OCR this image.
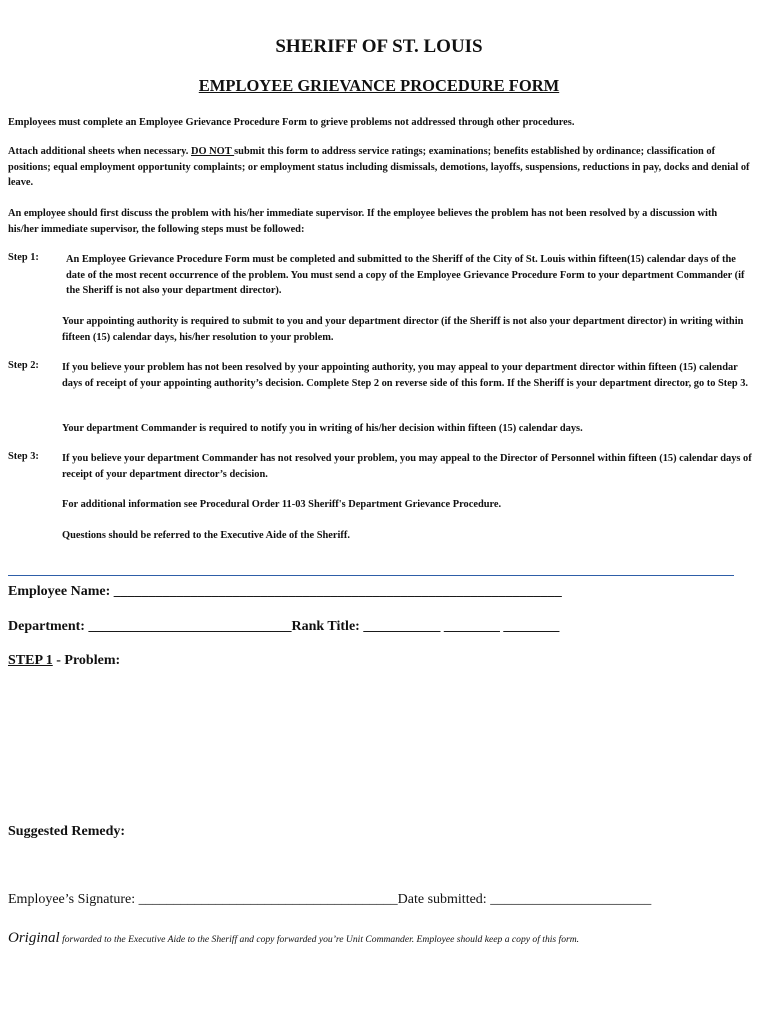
SHERIFF OF ST. LOUIS
EMPLOYEE GRIEVANCE PROCEDURE FORM
Employees must complete an Employee Grievance Procedure Form to grieve problems not addressed through other procedures.
Attach additional sheets when necessary. DO NOT submit this form to address service ratings; examinations; benefits established by ordinance; classification of positions; equal employment opportunity complaints; or employment status including dismissals, demotions, layoffs, suspensions, reductions in pay, docks and denial of leave.
An employee should first discuss the problem with his/her immediate supervisor. If the employee believes the problem has not been resolved by a discussion with his/her immediate supervisor, the following steps must be followed:
Step 1:	An Employee Grievance Procedure Form must be completed and submitted to the Sheriff of the City of St. Louis within fifteen(15) calendar days of the date of the most recent occurrence of the problem. You must send a copy of the Employee Grievance Procedure Form to your department Commander (if the Sheriff is not also your department director).
Your appointing authority is required to submit to you and your department director (if the Sheriff is not also your department director) in writing within fifteen (15) calendar days, his/her resolution to your problem.
Step 2: If you believe your problem has not been resolved by your appointing authority, you may appeal to your department director within fifteen (15) calendar days of receipt of your appointing authority’s decision. Complete Step 2 on reverse side of this form. If the Sheriff is your department director, go to Step 3.
Your department Commander is required to notify you in writing of his/her decision within fifteen (15) calendar days.
Step 3: If you believe your department Commander has not resolved your problem, you may appeal to the Director of Personnel within fifteen (15) calendar days of receipt of your department director’s decision.
For additional information see Procedural Order 11-03 Sheriff's Department Grievance Procedure.
Questions should be referred to the Executive Aide of the Sheriff.
Employee Name: ________________________________________________________________
Department: _____________________________Rank Title: ___________ ________ ________
STEP 1 - Problem:
Suggested Remedy:
Employee’s Signature: _____________________________________Date submitted: _______________________
Original forwarded to the Executive Aide to the Sheriff and copy forwarded you’re Unit Commander. Employee should keep a copy of this form.
